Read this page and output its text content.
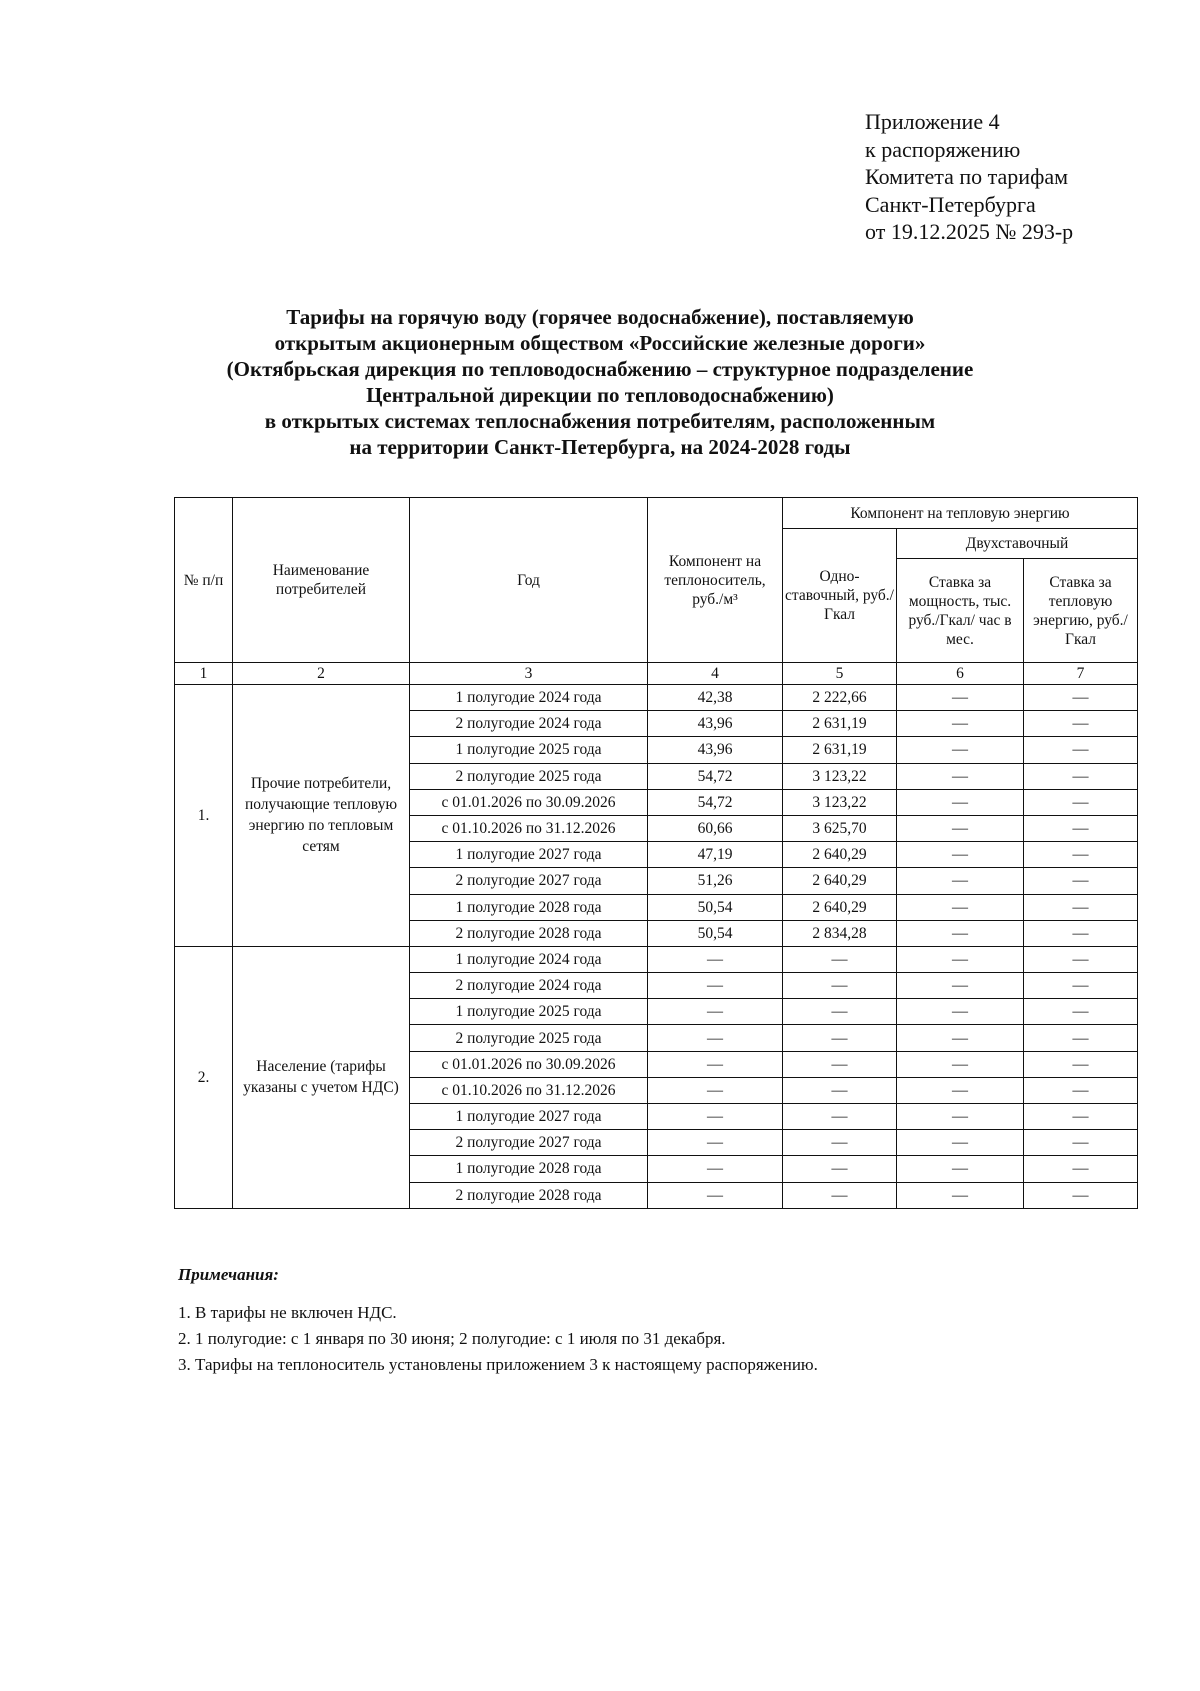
Приложение 4
к распоряжению
Комитета по тарифам
Санкт-Петербурга
от 19.12.2025 № 293-р
Тарифы на горячую воду (горячее водоснабжение), поставляемую
открытым акционерным обществом «Российские железные дороги»
(Октябрьская дирекция по тепловодоснабжению – структурное подразделение
Центральной дирекции по тепловодоснабжению)
в открытых системах теплоснабжения потребителям, расположенным
на территории Санкт-Петербурга, на 2024-2028 годы
№ п/п	Наименование потребителей	Год	Компонент на теплоноситель, руб./м³	Компонент на тепловую энергию		
				Одно-ставочный, руб./Гкал	Двухставочный	
					Ставка за мощность, тыс. руб./Гкал/ час в мес.	Ставка за тепловую энергию, руб./Гкал
1	2	3	4	5	6	7
1.	Прочие потребители, получающие тепловую энергию по тепловым сетям	1 полугодие 2024 года	42,38	2 222,66	—	—
		2 полугодие 2024 года	43,96	2 631,19	—	—
		1 полугодие 2025 года	43,96	2 631,19	—	—
		2 полугодие 2025 года	54,72	3 123,22	—	—
		с 01.01.2026 по 30.09.2026	54,72	3 123,22	—	—
		с 01.10.2026 по 31.12.2026	60,66	3 625,70	—	—
		1 полугодие 2027 года	47,19	2 640,29	—	—
		2 полугодие 2027 года	51,26	2 640,29	—	—
		1 полугодие 2028 года	50,54	2 640,29	—	—
		2 полугодие 2028 года	50,54	2 834,28	—	—
2.	Население (тарифы указаны с учетом НДС)	1 полугодие 2024 года	—	—	—	—
		2 полугодие 2024 года	—	—	—	—
		1 полугодие 2025 года	—	—	—	—
		2 полугодие 2025 года	—	—	—	—
		с 01.01.2026 по 30.09.2026	—	—	—	—
		с 01.10.2026 по 31.12.2026	—	—	—	—
		1 полугодие 2027 года	—	—	—	—
		2 полугодие 2027 года	—	—	—	—
		1 полугодие 2028 года	—	—	—	—
		2 полугодие 2028 года	—	—	—	—
Примечания:
1. В тарифы не включен НДС.
2. 1 полугодие: с 1 января по 30 июня; 2 полугодие: с 1 июля по 31 декабря.
3. Тарифы на теплоноситель установлены приложением 3 к настоящему распоряжению.
